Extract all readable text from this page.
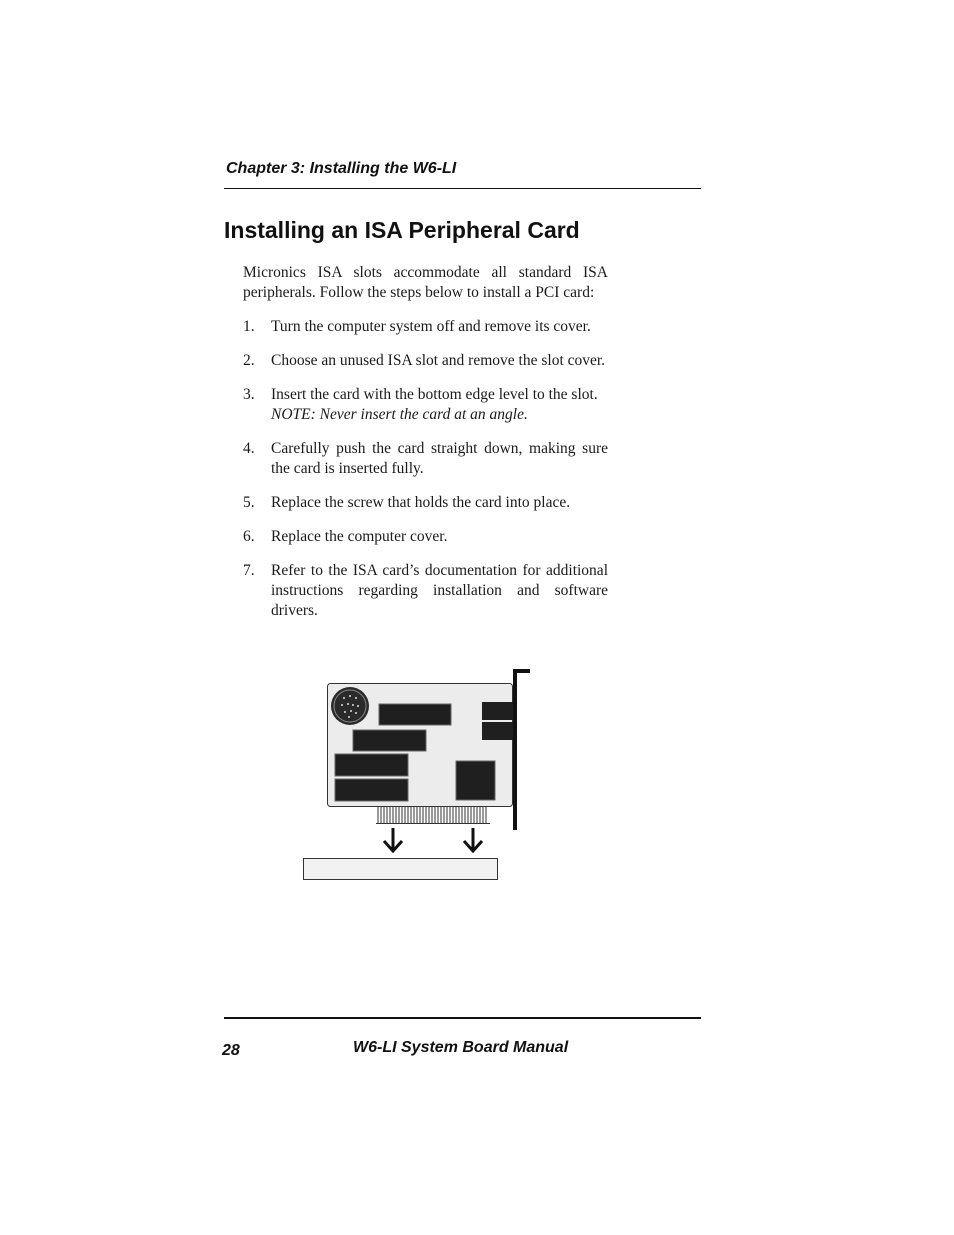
Chapter 3: Installing the W6-LI
Installing an ISA Peripheral Card

Micronics ISA slots accommodate all standard ISA peripherals. Follow the steps below to install a PCI card:

1.	Turn the computer system off and remove its cover.
2.	Choose an unused ISA slot and remove the slot cover.
3.	Insert the card with the bottom edge level to the slot.
NOTE: Never insert the card at an angle.
4.	Carefully push the card straight down, making sure the card is inserted fully.
5.	Replace the screw that holds the card into place.
6.	Replace the computer cover.
7.	Refer to the ISA card’s documentation for additional instructions regarding installation and software drivers.
28	W6-LI System Board Manual
